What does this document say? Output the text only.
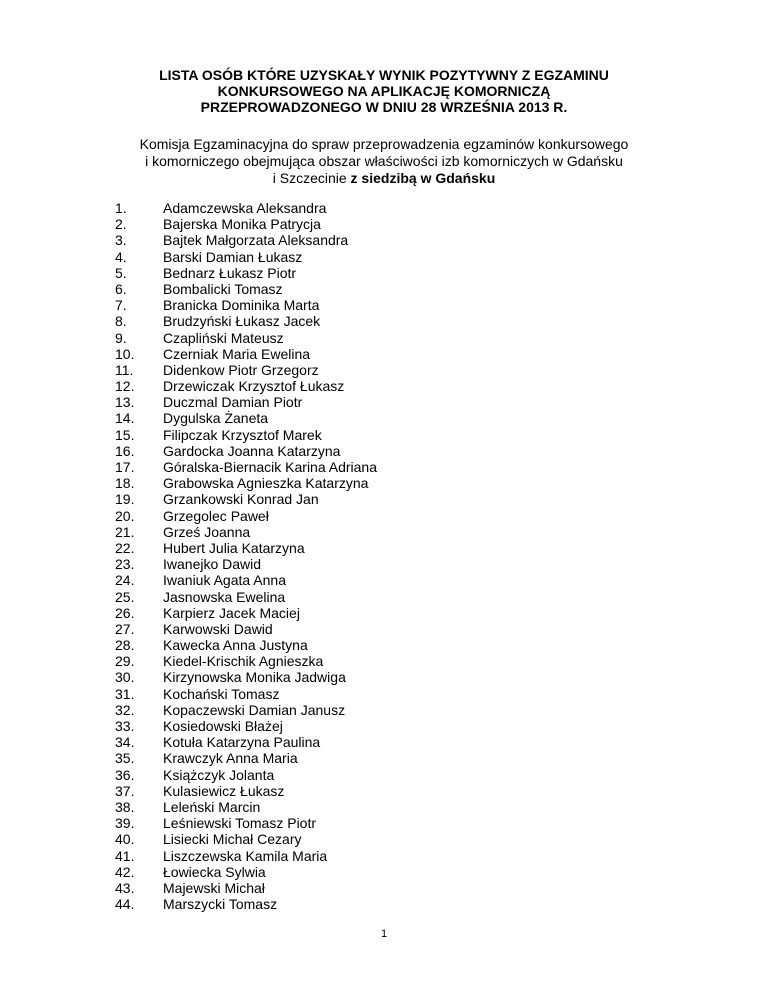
LISTA OSÓB KTÓRE UZYSKAŁY WYNIK POZYTYWNY Z EGZAMINU
KONKURSOWEGO NA APLIKACJĘ KOMORNICZĄ
PRZEPROWADZONEGO W DNIU 28 WRZEŚNIA 2013 R.
Komisja Egzaminacyjna do spraw przeprowadzenia egzaminów konkursowego
i komorniczego obejmująca obszar właściwości izb komorniczych w Gdańsku
i Szczecinie z siedzibą w Gdańsku
1.	Adamczewska Aleksandra
2.	Bajerska Monika Patrycja
3.	Bajtek Małgorzata Aleksandra
4.	Barski Damian Łukasz
5.	Bednarz Łukasz Piotr
6.	Bombalicki Tomasz
7.	Branicka Dominika Marta
8.	Brudzyński Łukasz Jacek
9.	Czapliński Mateusz
10. Czerniak Maria Ewelina
11. Didenkow Piotr Grzegorz
12. Drzewiczak Krzysztof Łukasz
13. Duczmal Damian Piotr
14. Dygulska Żaneta
15. Filipczak Krzysztof Marek
16. Gardocka Joanna Katarzyna
17. Góralska-Biernacik Karina Adriana
18. Grabowska Agnieszka Katarzyna
19. Grzankowski Konrad Jan
20. Grzegolec Paweł
21. Grześ Joanna
22. Hubert Julia Katarzyna
23. Iwanejko Dawid
24. Iwaniuk Agata Anna
25. Jasnowska Ewelina
26. Karpierz Jacek Maciej
27. Karwowski Dawid
28. Kawecka Anna Justyna
29. Kiedel-Krischik Agnieszka
30. Kirzynowska Monika Jadwiga
31. Kochański Tomasz
32. Kopaczewski Damian Janusz
33. Kosiedowski Błażej
34. Kotuła Katarzyna Paulina
35. Krawczyk Anna Maria
36. Książczyk Jolanta
37. Kulasiewicz Łukasz
38. Leleński Marcin
39. Leśniewski Tomasz Piotr
40. Lisiecki Michał Cezary
41. Liszczewska Kamila Maria
42. Łowiecka Sylwia
43. Majewski Michał
44. Marszycki Tomasz
1
